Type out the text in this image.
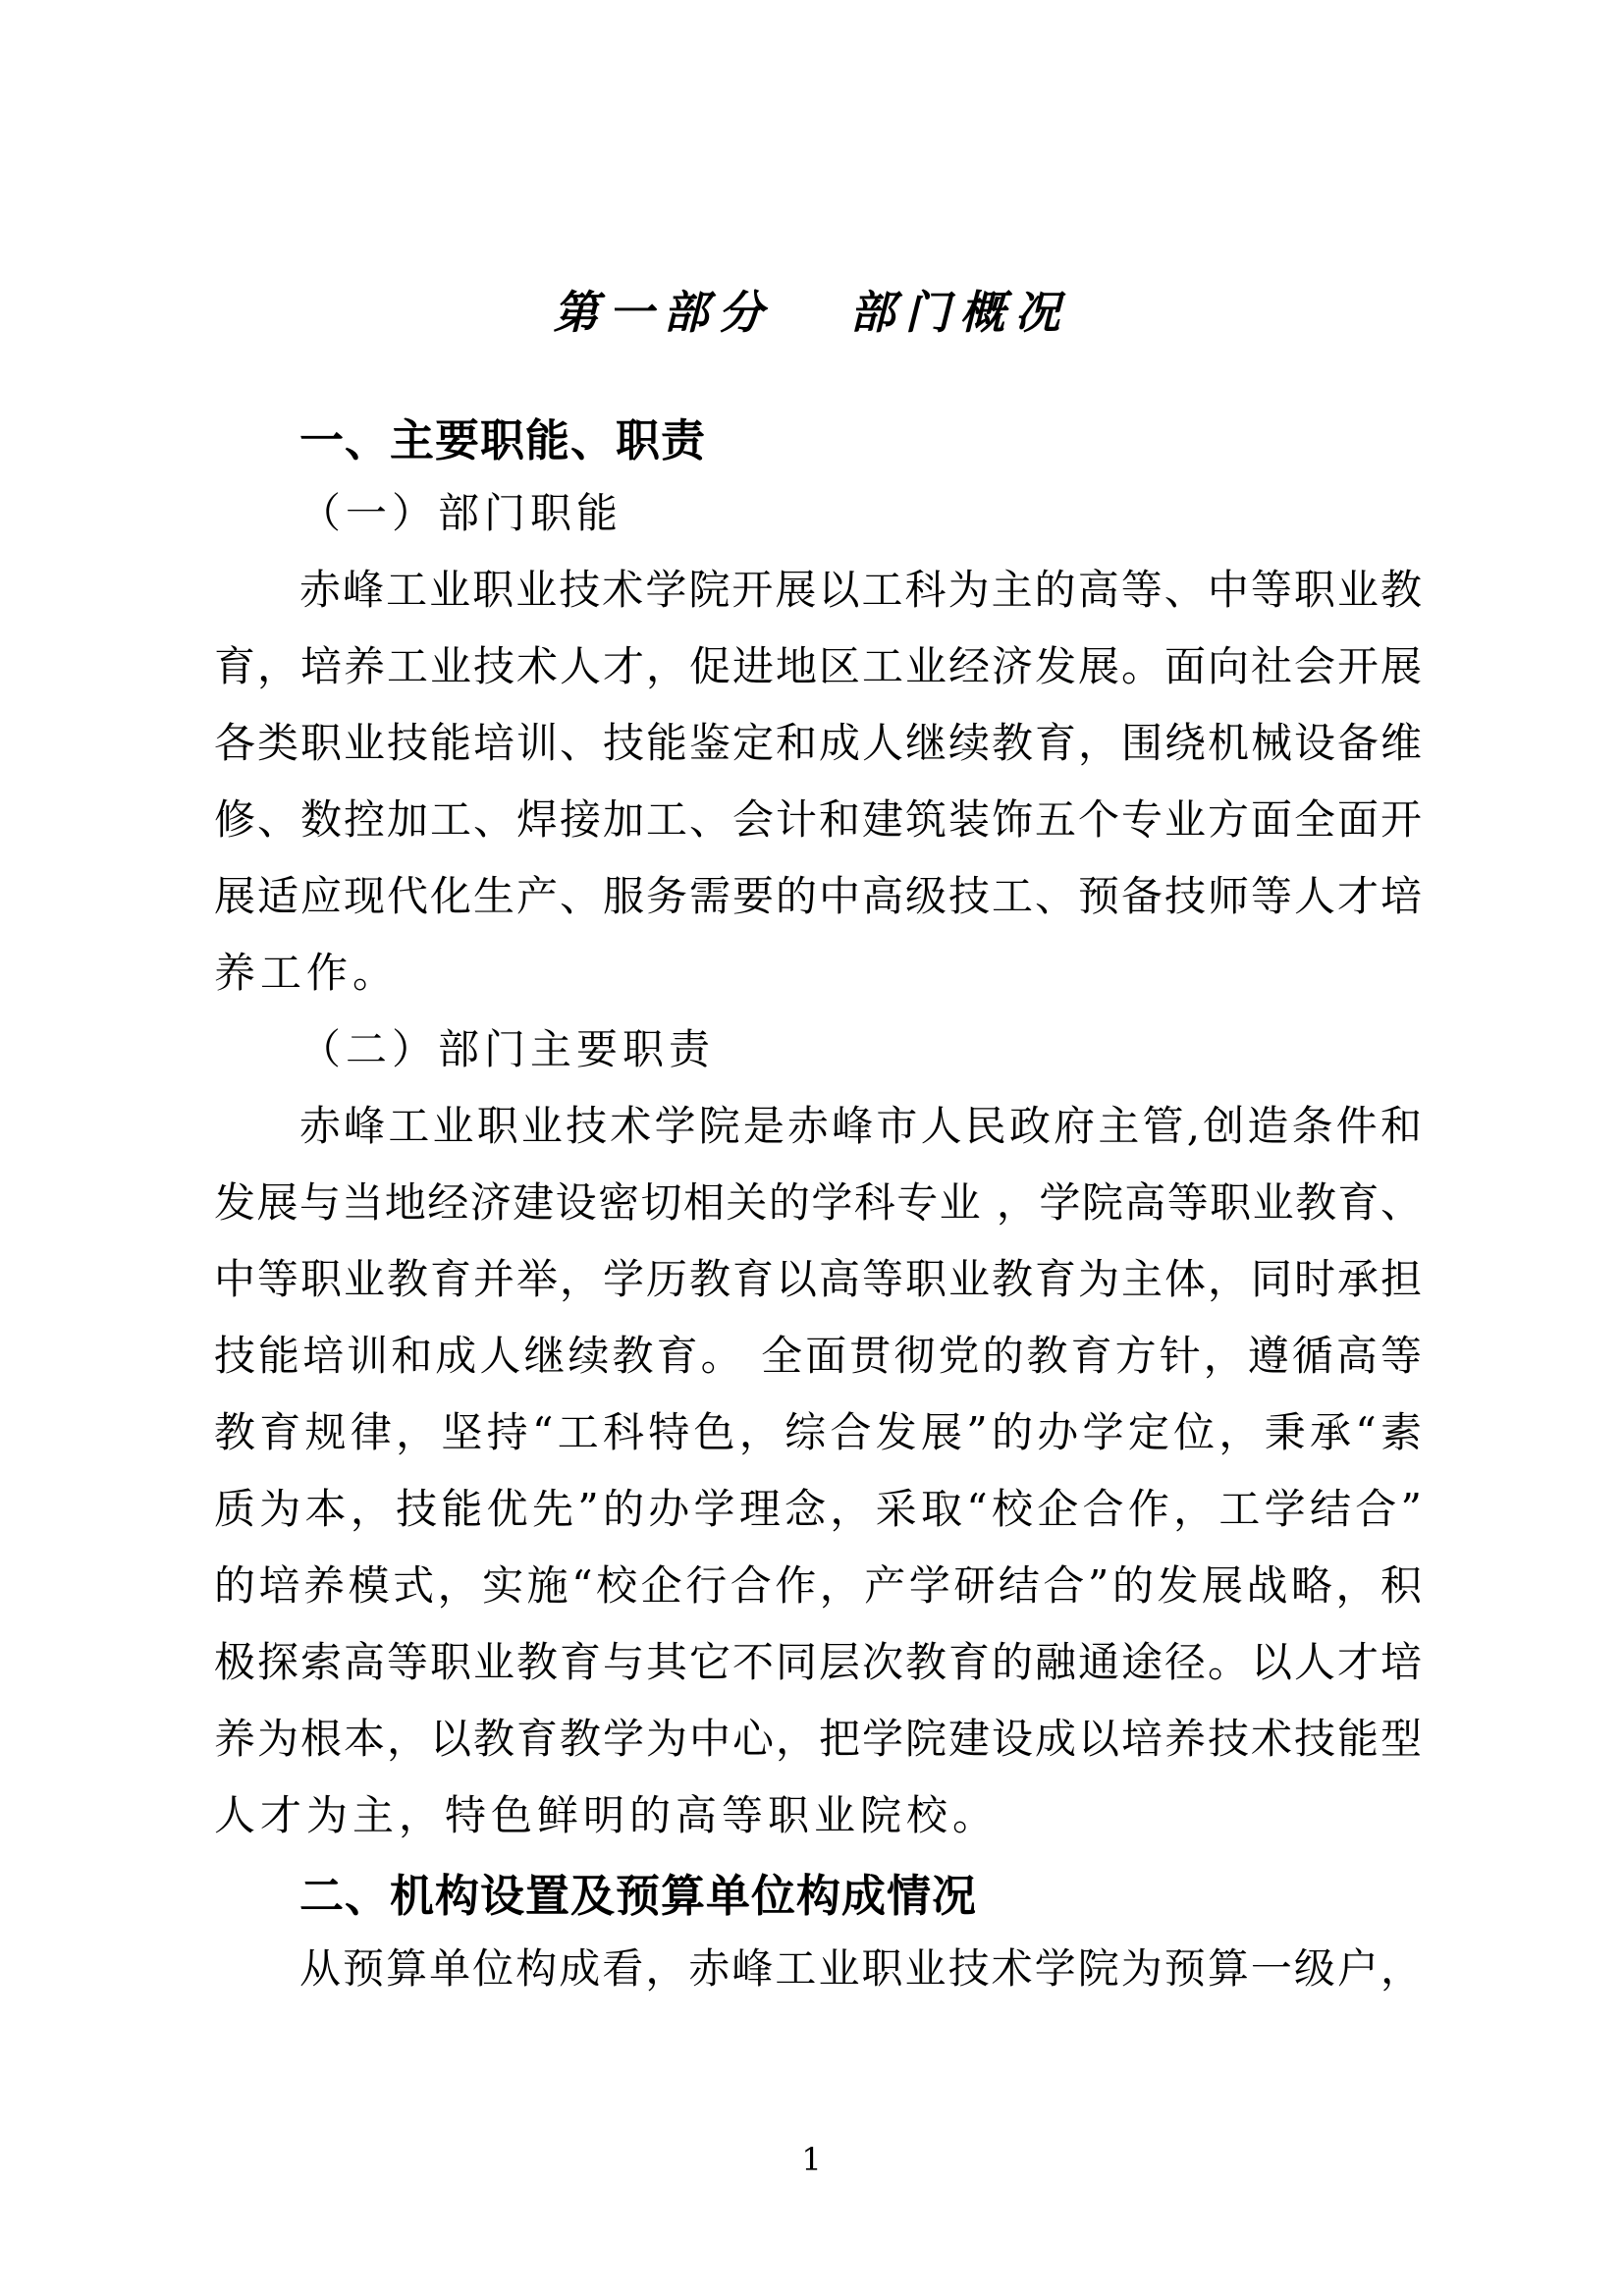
第一部分   部门概况
一、主要职能、职责
（一）部门职能
赤峰工业职业技术学院开展以工科为主的高等、中等职业教
育，培养工业技术人才，促进地区工业经济发展。面向社会开展
各类职业技能培训、技能鉴定和成人继续教育，围绕机械设备维
修、数控加工、焊接加工、会计和建筑装饰五个专业方面全面开
展适应现代化生产、服务需要的中高级技工、预备技师等人才培
养工作。
（二）部门主要职责
赤峰工业职业技术学院是赤峰市人民政府主管,创造条件和
发展与当地经济建设密切相关的学科专业 ，学院高等职业教育、
中等职业教育并举，学历教育以高等职业教育为主体，同时承担
技能培训和成人继续教育。 全面贯彻党的教育方针，遵循高等
教育规律，坚持“工科特色，综合发展”的办学定位，秉承“素
质为本，技能优先”的办学理念，采取“校企合作，工学结合”
的培养模式，实施“校企行合作，产学研结合”的发展战略，积
极探索高等职业教育与其它不同层次教育的融通途径。以人才培
养为根本，以教育教学为中心，把学院建设成以培养技术技能型
人才为主，特色鲜明的高等职业院校。
二、机构设置及预算单位构成情况
从预算单位构成看，赤峰工业职业技术学院为预算一级户，
1
